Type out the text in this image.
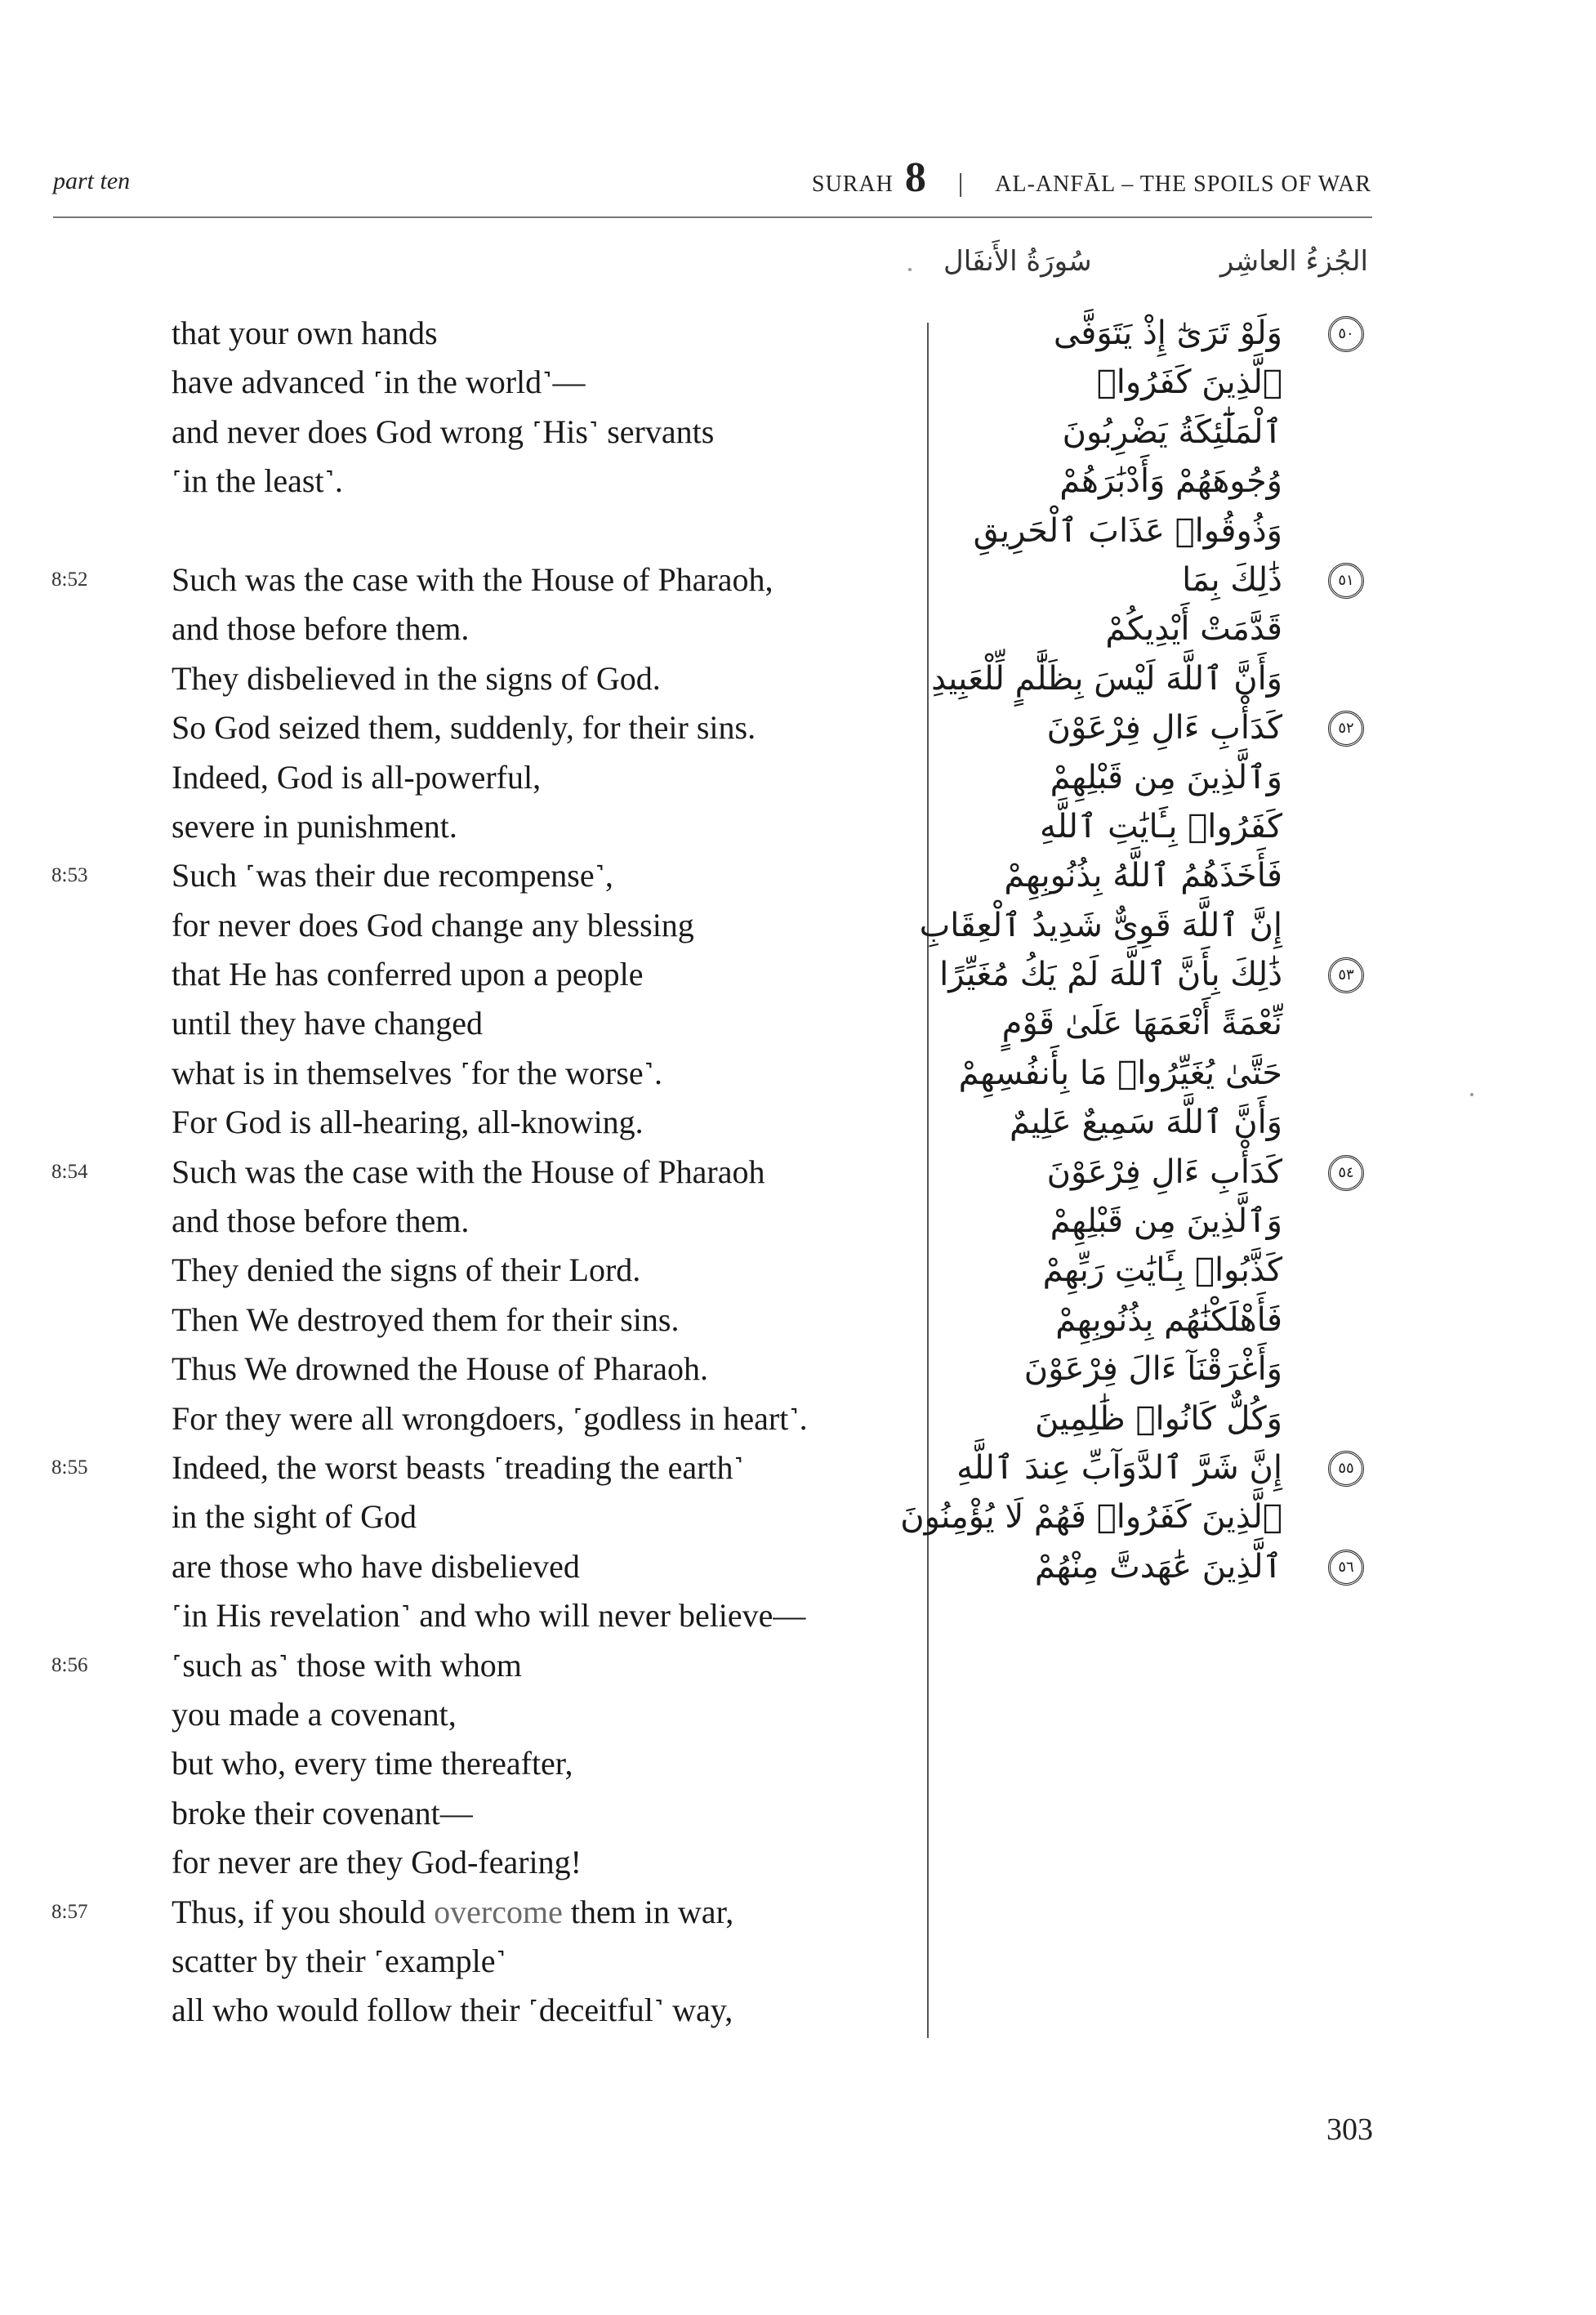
part ten	SURAH 8 | AL-ANFĀL – THE SPOILS OF WAR
الجُزءُ العاشِر
سُورَةُ الأَنفَال
that your own hands
have advanced ˹in the world˺—
and never does God wrong ˹His˺ servants
˹in the least˺.
8:52	Such was the case with the House of Pharaoh,
and those before them.
They disbelieved in the signs of God.
So God seized them, suddenly, for their sins.
Indeed, God is all-powerful,
severe in punishment.
8:53	Such ˹was their due recompense˺,
for never does God change any blessing
that He has conferred upon a people
until they have changed
what is in themselves ˹for the worse˺.
For God is all-hearing, all-knowing.
8:54	Such was the case with the House of Pharaoh
and those before them.
They denied the signs of their Lord.
Then We destroyed them for their sins.
Thus We drowned the House of Pharaoh.
For they were all wrongdoers, ˹godless in heart˺.
8:55	Indeed, the worst beasts ˹treading the earth˺
in the sight of God
are those who have disbelieved
˹in His revelation˺ and who will never believe—
8:56	˹such as˺ those with whom
you made a covenant,
but who, every time thereafter,
broke their covenant—
for never are they God-fearing!
8:57	Thus, if you should overcome them in war,
scatter by their ˹example˺
all who would follow their ˹deceitful˺ way,
٥٠
وَلَوْ تَرَىٰٓ إِذْ يَتَوَفَّى
ٱلَّذِينَ كَفَرُوا۟
ٱلْمَلَٰٓئِكَةُ يَضْرِبُونَ
وُجُوهَهُمْ وَأَدْبَٰرَهُمْ
وَذُوقُوا۟ عَذَابَ ٱلْحَرِيقِ
٥١
ذَٰلِكَ بِمَا
قَدَّمَتْ أَيْدِيكُمْ
وَأَنَّ ٱللَّهَ لَيْسَ بِظَلَّٰمٍ لِّلْعَبِيدِ
٥٢
كَدَأْبِ ءَالِ فِرْعَوْنَ
وَٱلَّذِينَ مِن قَبْلِهِمْ
كَفَرُوا۟ بِـَٔايَٰتِ ٱللَّهِ
فَأَخَذَهُمُ ٱللَّهُ بِذُنُوبِهِمْ
إِنَّ ٱللَّهَ قَوِىٌّ شَدِيدُ ٱلْعِقَابِ
٥٣
ذَٰلِكَ بِأَنَّ ٱللَّهَ لَمْ يَكُ مُغَيِّرًا
نِّعْمَةً أَنْعَمَهَا عَلَىٰ قَوْمٍ
حَتَّىٰ يُغَيِّرُوا۟ مَا بِأَنفُسِهِمْ
وَأَنَّ ٱللَّهَ سَمِيعٌ عَلِيمٌ
٥٤
كَدَأْبِ ءَالِ فِرْعَوْنَ
وَٱلَّذِينَ مِن قَبْلِهِمْ
كَذَّبُوا۟ بِـَٔايَٰتِ رَبِّهِمْ
فَأَهْلَكْنَٰهُم بِذُنُوبِهِمْ
وَأَغْرَقْنَآ ءَالَ فِرْعَوْنَ
وَكُلٌّ كَانُوا۟ ظَٰلِمِينَ
٥٥
إِنَّ شَرَّ ٱلدَّوَآبِّ عِندَ ٱللَّهِ
ٱلَّذِينَ كَفَرُوا۟ فَهُمْ لَا يُؤْمِنُونَ
٥٦
ٱلَّذِينَ عَٰهَدتَّ مِنْهُمْ
303
